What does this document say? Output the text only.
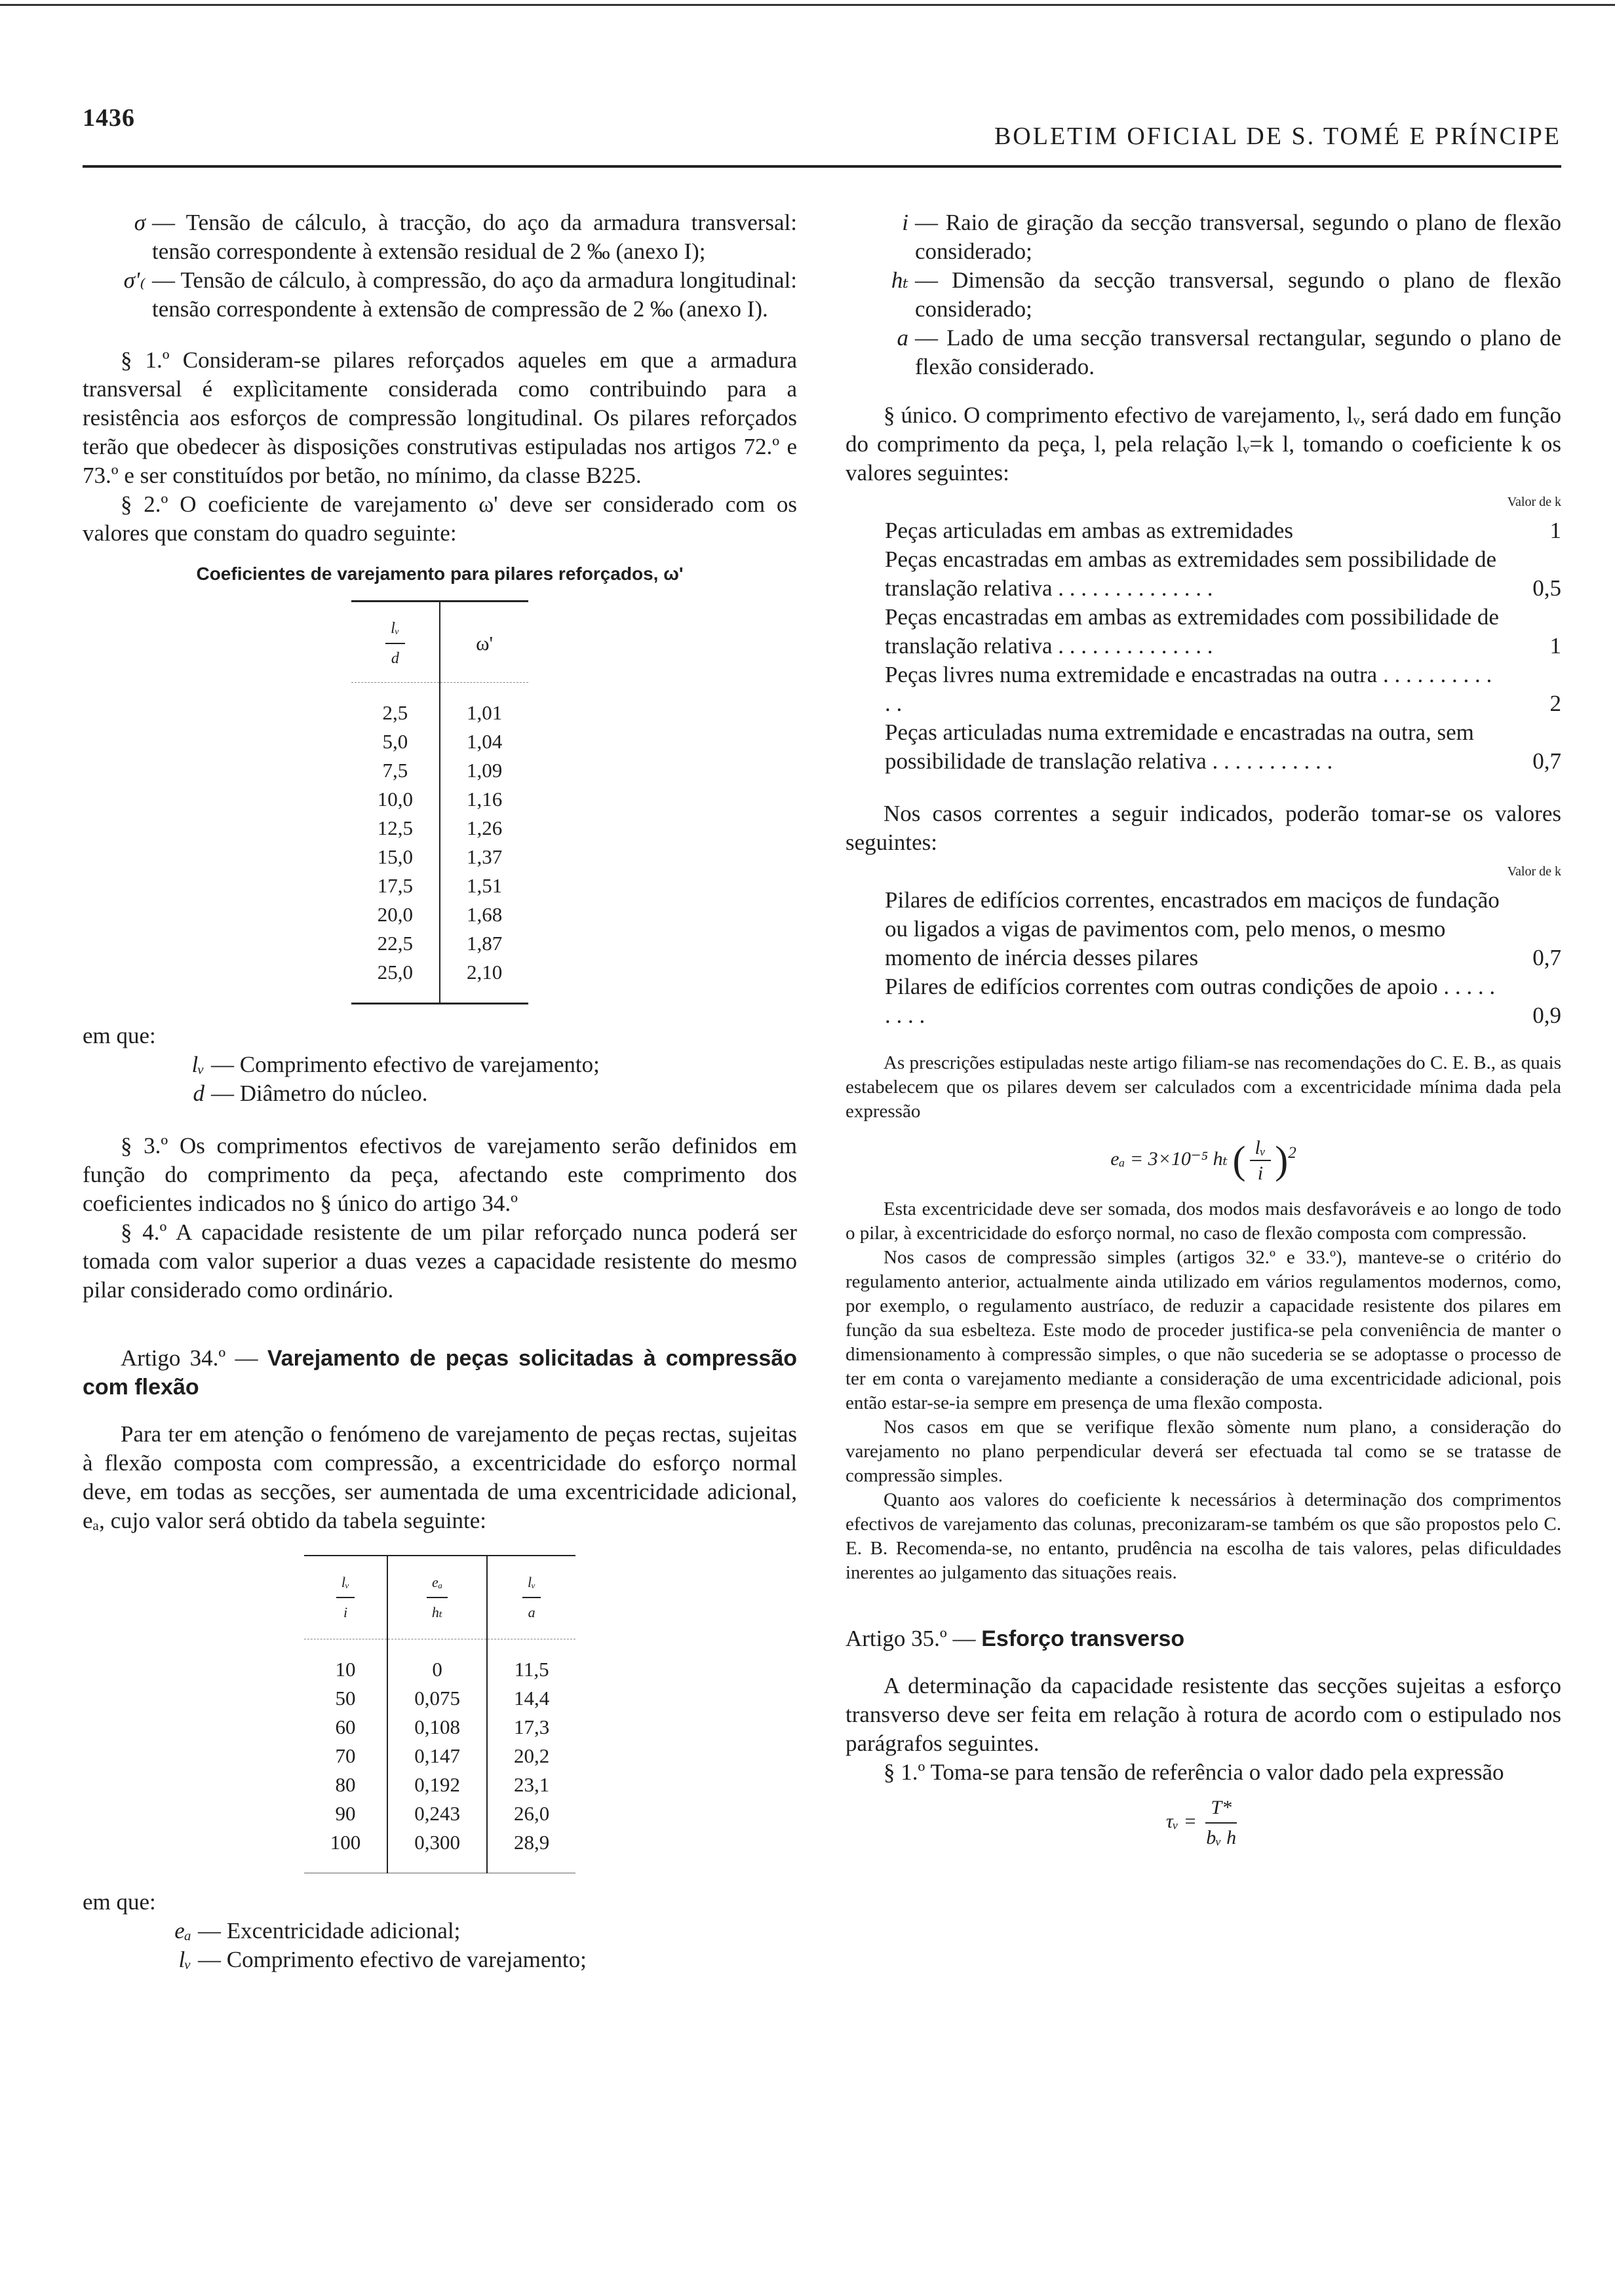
1436
BOLETIM OFICIAL DE S. TOMÉ E PRÍNCIPE
σ — Tensão de cálculo, à tracção, do aço da armadura transversal: tensão correspondente à extensão residual de 2 ‰ (anexo I);
σ'₍ — Tensão de cálculo, à compressão, do aço da armadura longitudinal: tensão correspondente à extensão de compressão de 2 ‰ (anexo I).

§ 1.º Consideram-se pilares reforçados aqueles em que a armadura transversal é explìcitamente considerada como contribuindo para a resistência aos esforços de compressão longitudinal. Os pilares reforçados terão que obedecer às disposições construtivas estipuladas nos artigos 72.º e 73.º e ser constituídos por betão, no mínimo, da classe B225.

§ 2.º O coeficiente de varejamento ω' deve ser considerado com os valores que constam do quadro seguinte:

Coeficientes de varejamento para pilares reforçados, ω'
$\frac{\text{lᵥ}}{d}$	ω'
2,5	1,01
5,0	1,04
7,5	1,09
10,0	1,16
12,5	1,26
15,0	1,37
17,5	1,51
20,0	1,68
22,5	1,87
25,0	2,10

em que:

lᵥ — Comprimento efectivo de varejamento;
d — Diâmetro do núcleo.

§ 3.º Os comprimentos efectivos de varejamento serão definidos em função do comprimento da peça, afectando este comprimento dos coeficientes indicados no § único do artigo 34.º

§ 4.º A capacidade resistente de um pilar reforçado nunca poderá ser tomada com valor superior a duas vezes a capacidade resistente do mesmo pilar considerado como ordinário.

Artigo 34.º — Varejamento de peças solicitadas à compressão com flexão

Para ter em atenção o fenómeno de varejamento de peças rectas, sujeitas à flexão composta com compressão, a excentricidade do esforço normal deve, em todas as secções, ser aumentada de uma excentricidade adicional, eₐ, cujo valor será obtido da tabela seguinte:

$\frac{\text{lᵥ}}{i}$	$\frac{\text{eₐ}}{\text{hₜ}}$	$\frac{\text{lᵥ}}{a}$

10	0	11,5
50	0,075	14,4
60	0,108	17,3
70	0,147	20,2
80	0,192	23,1
90	0,243	26,0
100	0,300	28,9

em que:

eₐ — Excentricidade adicional;
lᵥ — Comprimento efectivo de varejamento;
i — Raio de giração da secção transversal, segundo o plano de flexão considerado;
hₜ — Dimensão da secção transversal, segundo o plano de flexão considerado;
a — Lado de uma secção transversal rectangular, segundo o plano de flexão considerado.

§ único. O comprimento efectivo de varejamento, lᵥ, será dado em função do comprimento da peça, l, pela relação lᵥ=k l, tomando o coeficiente k os valores seguintes:

Valor de k

Peças articuladas em ambas as extremidades	1
Peças encastradas em ambas as extremidades sem possibilidade de translação relativa . . . . . . . . . . . . . .	0,5
Peças encastradas em ambas as extremidades com possibilidade de translação relativa . . . . . . . . . . . . . .	1
Peças livres numa extremidade e encastradas na outra . . . . . . . . . . . .	2
Peças articuladas numa extremidade e encastradas na outra, sem possibilidade de translação relativa . . . . . . . . . . .	0,7

Nos casos correntes a seguir indicados, poderão tomar-se os valores seguintes:

Valor de k

Pilares de edifícios correntes, encastrados em maciços de fundação ou ligados a vigas de pavimentos com, pelo menos, o mesmo momento de inércia desses pilares	0,7
Pilares de edifícios correntes com outras condições de apoio . . . . . . . . .	0,9

As prescrições estipuladas neste artigo filiam-se nas recomendações do C. E. B., as quais estabelecem que os pilares devem ser calculados com a excentricidade mínima dada pela expressão

eₐ = 3×10⁻⁵ hₜ ( $\frac{\text{lᵥ}}{i} )^2$

Esta excentricidade deve ser somada, dos modos mais desfavoráveis e ao longo de todo o pilar, à excentricidade do esforço normal, no caso de flexão composta com compressão.

Nos casos de compressão simples (artigos 32.º e 33.º), manteve-se o critério do regulamento anterior, actualmente ainda utilizado em vários regulamentos modernos, como, por exemplo, o regulamento austríaco, de reduzir a capacidade resistente dos pilares em função da sua esbelteza. Este modo de proceder justifica-se pela conveniência de manter o dimensionamento à compressão simples, o que não sucederia se se adoptasse o processo de ter em conta o varejamento mediante a consideração de uma excentricidade adicional, pois então estar-se-ia sempre em presença de uma flexão composta.

Nos casos em que se verifique flexão sòmente num plano, a consideração do varejamento no plano perpendicular deverá ser efectuada tal como se se tratasse de compressão simples.

Quanto aos valores do coeficiente k necessários à determinação dos comprimentos efectivos de varejamento das colunas, preconizaram-se também os que são propostos pelo C. E. B. Recomenda-se, no entanto, prudência na escolha de tais valores, pelas dificuldades inerentes ao julgamento das situações reais.

Artigo 35.º — Esforço transverso

A determinação da capacidade resistente das secções sujeitas a esforço transverso deve ser feita em relação à rotura de acordo com o estipulado nos parágrafos seguintes.

§ 1.º Toma-se para tensão de referência o valor dado pela expressão

τᵥ = $\frac{T*}{\text{bᵥ h}}$
